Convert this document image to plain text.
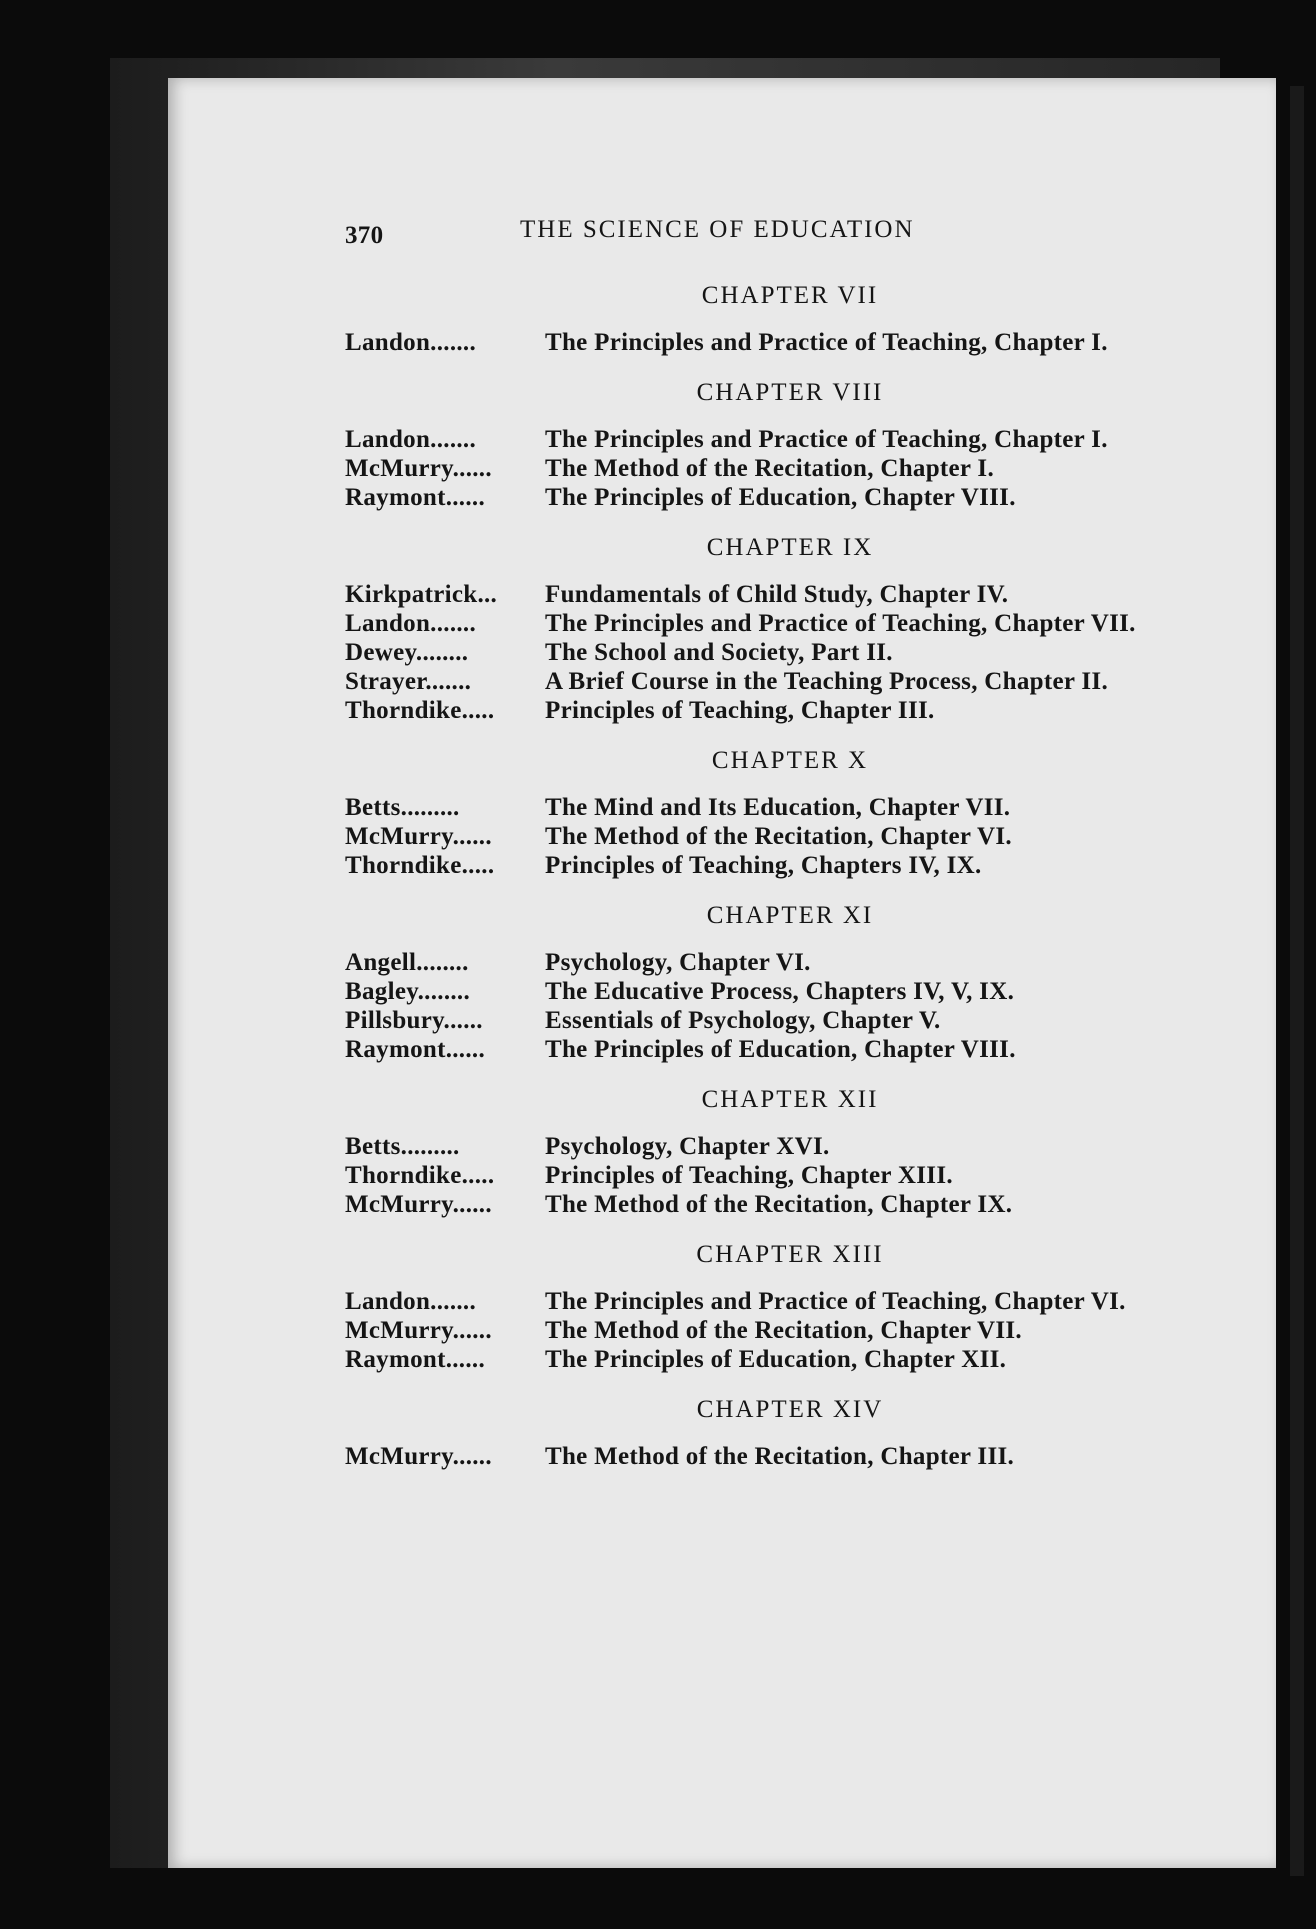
370	THE SCIENCE OF EDUCATION
CHAPTER VII
Landon.......	The Principles and Practice of Teaching, Chapter I.
CHAPTER VIII
Landon.......	The Principles and Practice of Teaching, Chapter I.
McMurry......	The Method of the Recitation, Chapter I.
Raymont......	The Principles of Education, Chapter VIII.
CHAPTER IX
Kirkpatrick...	Fundamentals of Child Study, Chapter IV.
Landon.......	The Principles and Practice of Teaching, Chapter VII.
Dewey........	The School and Society, Part II.
Strayer.......	A Brief Course in the Teaching Process, Chapter II.
Thorndike.....	Principles of Teaching, Chapter III.
CHAPTER X
Betts.........	The Mind and Its Education, Chapter VII.
McMurry......	The Method of the Recitation, Chapter VI.
Thorndike.....	Principles of Teaching, Chapters IV, IX.
CHAPTER XI
Angell........	Psychology, Chapter VI.
Bagley........	The Educative Process, Chapters IV, V, IX.
Pillsbury......	Essentials of Psychology, Chapter V.
Raymont......	The Principles of Education, Chapter VIII.
CHAPTER XII
Betts.........	Psychology, Chapter XVI.
Thorndike.....	Principles of Teaching, Chapter XIII.
McMurry......	The Method of the Recitation, Chapter IX.
CHAPTER XIII
Landon.......	The Principles and Practice of Teaching, Chapter VI.
McMurry......	The Method of the Recitation, Chapter VII.
Raymont......	The Principles of Education, Chapter XII.
CHAPTER XIV
McMurry......	The Method of the Recitation, Chapter III.
